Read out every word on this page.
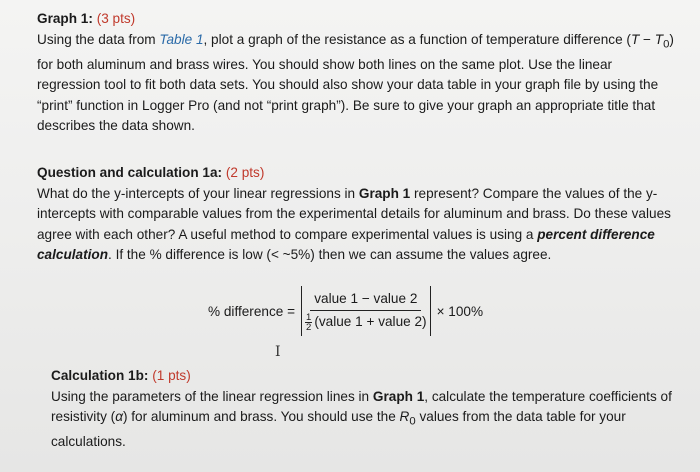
Graph 1: (3 pts)
Using the data from Table 1, plot a graph of the resistance as a function of temperature difference $(T - T_0)$ for both aluminum and brass wires. You should show both lines on the same plot. Use the linear regression tool to fit both data sets. You should also show your data table in your graph file by using the “print” function in Logger Pro (and not “print graph”). Be sure to give your graph an appropriate title that describes the data shown.
Question and calculation 1a: (2 pts)
What do the y-intercepts of your linear regressions in Graph 1 represent? Compare the values of the y-intercepts with comparable values from the experimental details for aluminum and brass. Do these values agree with each other? A useful method to compare experimental values is using a percent difference calculation. If the % difference is low (< ~5%) then we can assume the values agree.
% difference = $\frac{\text{value 1 − value 2}}{\frac{1}{2} (value 1 + value 2)} \times 100\%$
I
Calculation 1b: (1 pts)
Using the parameters of the linear regression lines in Graph 1, calculate the temperature coefficients of resistivity (α) for aluminum and brass. You should use the $R_0$ values from the data table for your calculations.
